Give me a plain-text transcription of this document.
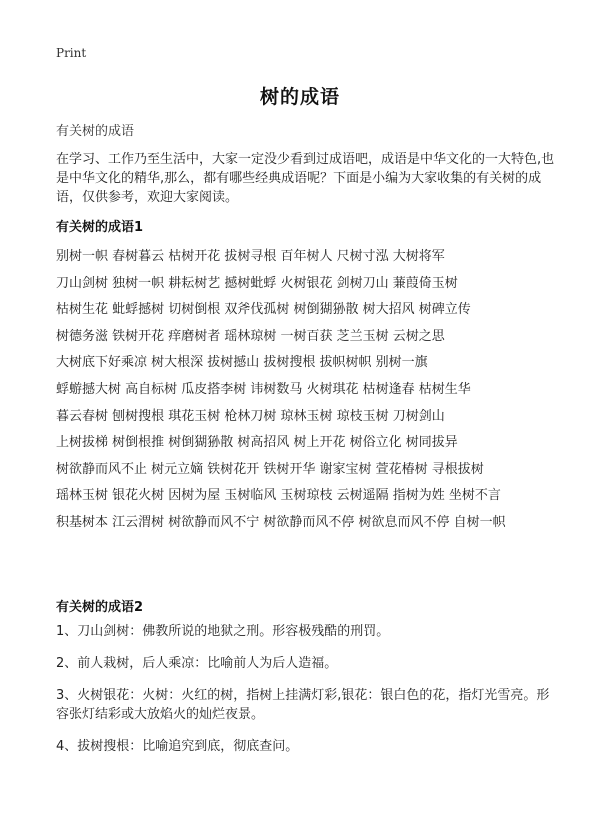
Print
树的成语
有关树的成语
在学习、工作乃至生活中，大家一定没少看到过成语吧，成语是中华文化的一大特色,也是中华文化的精华,那么，都有哪些经典成语呢？下面是小编为大家收集的有关树的成语，仅供参考，欢迎大家阅读。
有关树的成语1
别树一帜 春树暮云 枯树开花 拔树寻根 百年树人 尺树寸泓 大树将军
刀山剑树 独树一帜 耕耘树艺 撼树蚍蜉 火树银花 剑树刀山 蒹葭倚玉树
枯树生花 蚍蜉撼树 切树倒根 双斧伐孤树 树倒猢狲散 树大招风 树碑立传
树德务滋 铁树开花 痒磨树者 瑶林琼树 一树百获 芝兰玉树 云树之思
大树底下好乘凉 树大根深 拔树撼山 拔树搜根 拔帜树帜 别树一旗
蜉蝣撼大树 高自标树 瓜皮搭李树 讳树数马 火树琪花 枯树逢春 枯树生华
暮云春树 刨树搜根 琪花玉树 枪林刀树 琼林玉树 琼枝玉树 刀树剑山
上树拔梯 树倒根推 树倒猢狲散 树高招风 树上开花 树俗立化 树同拔异
树欲静而风不止 树元立嫡 铁树花开 铁树开华 谢家宝树 萱花椿树 寻根拔树
瑶林玉树 银花火树 因树为屋 玉树临风 玉树琼枝 云树遥隔 指树为姓 坐树不言
积基树本 江云渭树 树欲静而风不宁 树欲静而风不停 树欲息而风不停 自树一帜
有关树的成语2
1、刀山剑树：佛教所说的地狱之刑。形容极残酷的刑罚。
2、前人栽树，后人乘凉：比喻前人为后人造福。
3、火树银花：火树：火红的树，指树上挂满灯彩,银花：银白色的花，指灯光雪亮。形容张灯结彩或大放焰火的灿烂夜景。
4、拔树搜根：比喻追究到底，彻底查问。
